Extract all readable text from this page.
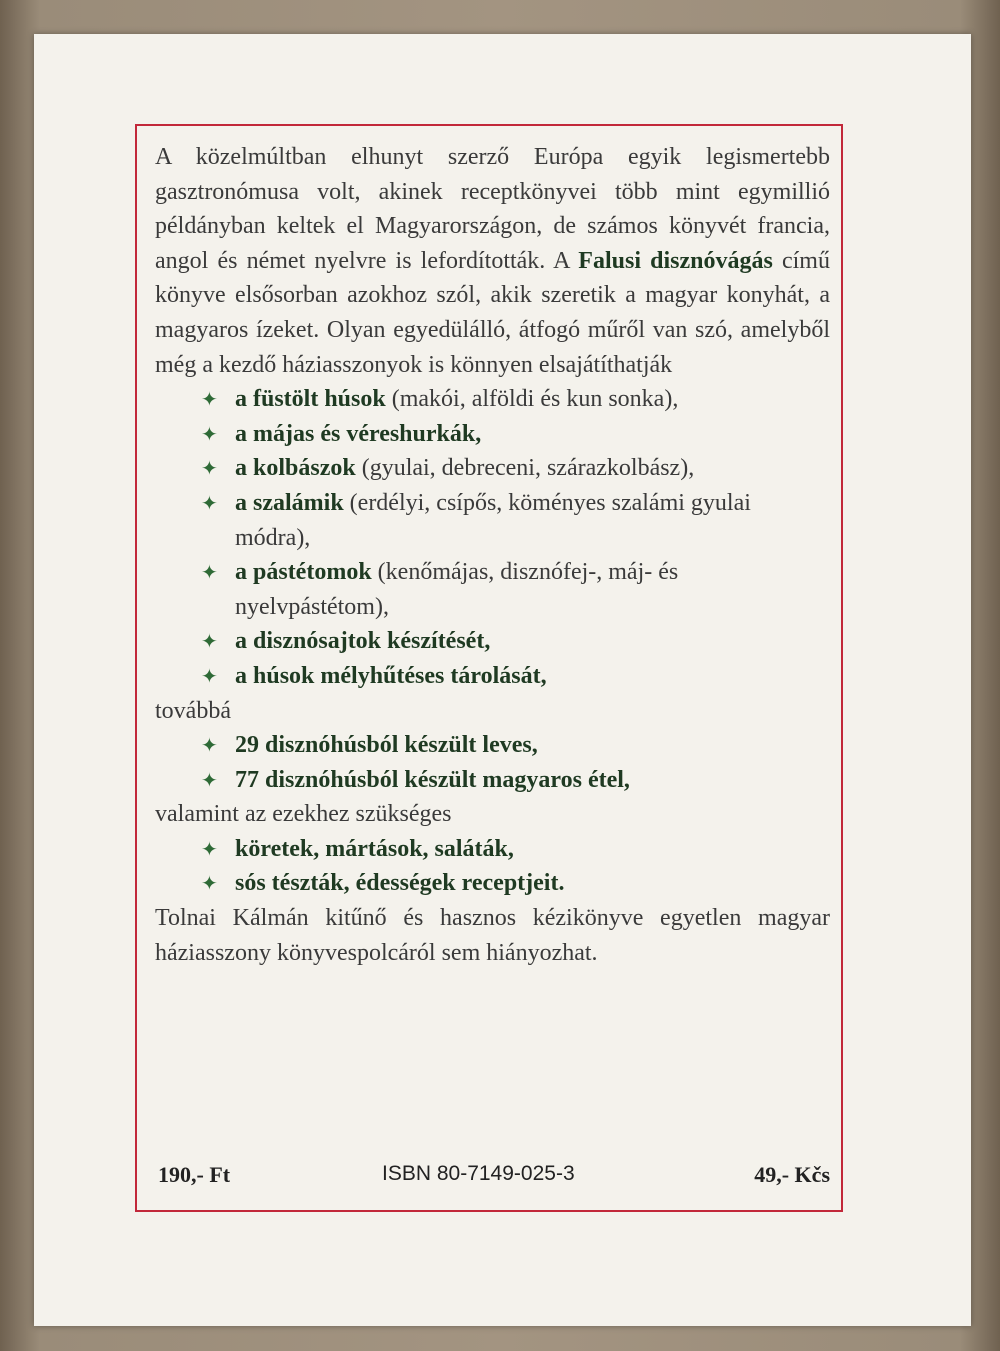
A közelmúltban elhunyt szerző Európa egyik legismertebb gasztronómusa volt, akinek receptkönyvei több mint egymillió példányban keltek el Magyarországon, de számos könyvét francia, angol és német nyelvre is lefordították. A Falusi disznóvágás című könyve elsősorban azokhoz szól, akik szeretik a magyar konyhát, a magyaros ízeket. Olyan egyedülálló, átfogó műről van szó, amelyből még a kezdő háziasszonyok is könnyen elsajátíthatják

✦ a füstölt húsok (makói, alföldi és kun sonka),
✦ a májas és véreshurkák,
✦ a kolbászok (gyulai, debreceni, szárazkolbász),
✦ a szalámik (erdélyi, csípős, köményes szalámi gyulai módra),
✦ a pástétomok (kenőmájas, disznófej-, máj- és nyelvpástétom),
✦ a disznósajtok készítését,
✦ a húsok mélyhűtéses tárolását,

továbbá

✦ 29 disznóhúsból készült leves,
✦ 77 disznóhúsból készült magyaros étel,

valamint az ezekhez szükséges

✦ köretek, mártások, saláták,
✦ sós tészták, édességek receptjeit.

Tolnai Kálmán kitűnő és hasznos kézikönyve egyetlen magyar háziasszony könyvespolcáról sem hiányozhat.

190,- Ft	ISBN 80-7149-025-3	49,- Kčs
